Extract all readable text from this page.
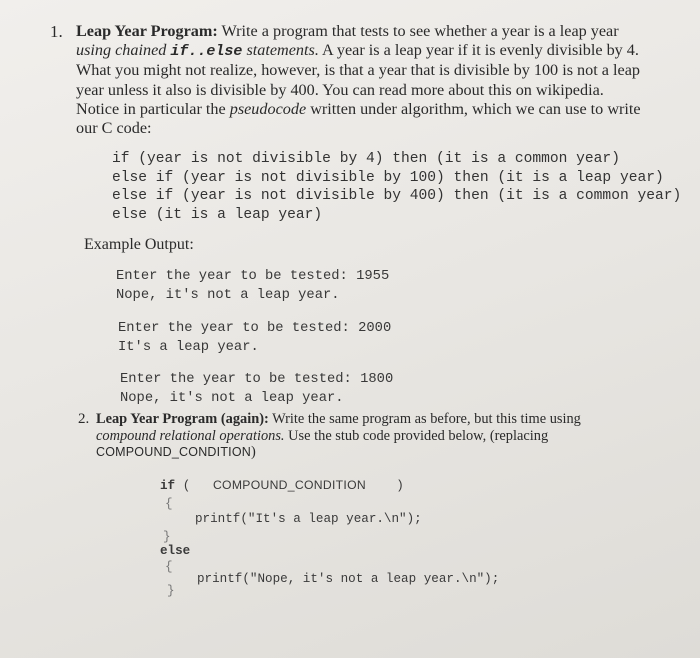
1. Leap Year Program: Write a program that tests to see whether a year is a leap year using chained if..else statements. A year is a leap year if it is evenly divisible by 4. What you might not realize, however, is that a year that is divisible by 100 is not a leap year unless it also is divisible by 400. You can read more about this on wikipedia. Notice in particular the pseudocode written under algorithm, which we can use to write our C code:
if (year is not divisible by 4) then (it is a common year)
else if (year is not divisible by 100) then (it is a leap year)
else if (year is not divisible by 400) then (it is a common year)
else (it is a leap year)
Example Output:
Enter the year to be tested: 1955
Nope, it's not a leap year.
Enter the year to be tested: 2000
It's a leap year.
Enter the year to be tested: 1800
Nope, it's not a leap year.
2. Leap Year Program (again): Write the same program as before, but this time using compound relational operations. Use the stub code provided below, (replacing COMPOUND_CONDITION)
if ( COMPOUND_CONDITION )
{
printf("It's a leap year.\n");
}
else
{
printf("Nope, it's not a leap year.\n");
}
